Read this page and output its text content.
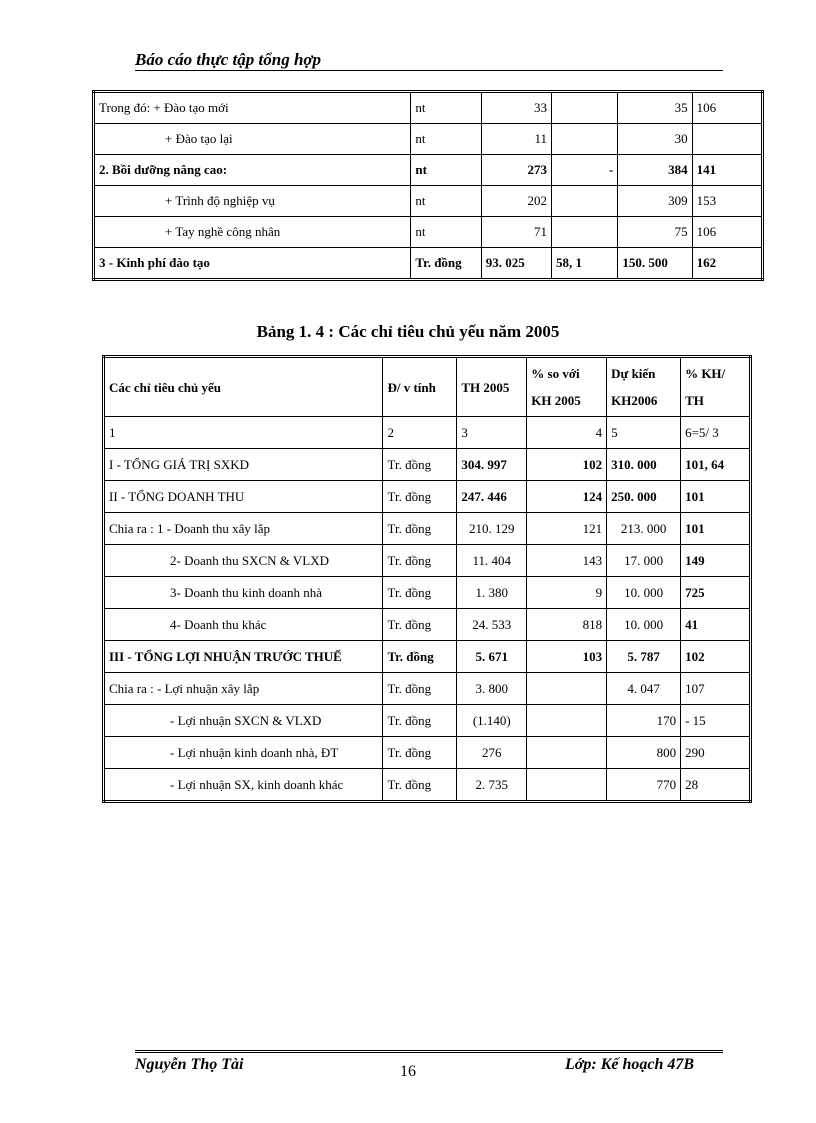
Báo cáo thực tập tổng hợp
Trong đó: + Đào tạo mới	nt	33		35	106
+ Đào tạo lại	nt	11		30	
2. Bồi dưỡng nâng cao:	nt	273	-	384	141
+ Trình độ nghiệp vụ	nt	202		309	153
+ Tay nghề công nhân	nt	71		75	106
3 - Kinh phí đào tạo	Tr. đồng	93. 025	58, 1	150. 500	162
Bảng 1. 4 : Các chỉ tiêu chủ yếu năm 2005
Các chỉ tiêu chủ yếu	Đ/ v tính	TH 2005	% so với KH 2005	Dự kiến KH2006	% KH/ TH
1	2	3	4	5	6=5/ 3
I - TỔNG GIÁ TRỊ SXKD	Tr. đồng	304. 997	102	310. 000	101, 64
II - TỔNG DOANH THU	Tr. đồng	247. 446	124	250. 000	101
Chia ra : 1 - Doanh thu xây lắp	Tr. đồng	210. 129	121	213. 000	101
2- Doanh thu SXCN & VLXD	Tr. đồng	11. 404	143	17. 000	149
3- Doanh thu kinh doanh nhà	Tr. đồng	1. 380	9	10. 000	725
4- Doanh thu khác	Tr. đồng	24. 533	818	10. 000	41
III - TỔNG LỢI NHUẬN TRƯỚC THUẾ	Tr. đồng	5. 671	103	5. 787	102
Chia ra : - Lợi nhuận xây lắp	Tr. đồng	3. 800		4. 047	107
- Lợi nhuận SXCN & VLXD	Tr. đồng	(1.140)		170	- 15
- Lợi nhuận kinh doanh nhà, ĐT	Tr. đồng	276		800	290
- Lợi nhuận SX, kinh doanh khác	Tr. đồng	2. 735		770	28
Nguyễn Thọ Tài	16	Lớp: Kế hoạch 47B
